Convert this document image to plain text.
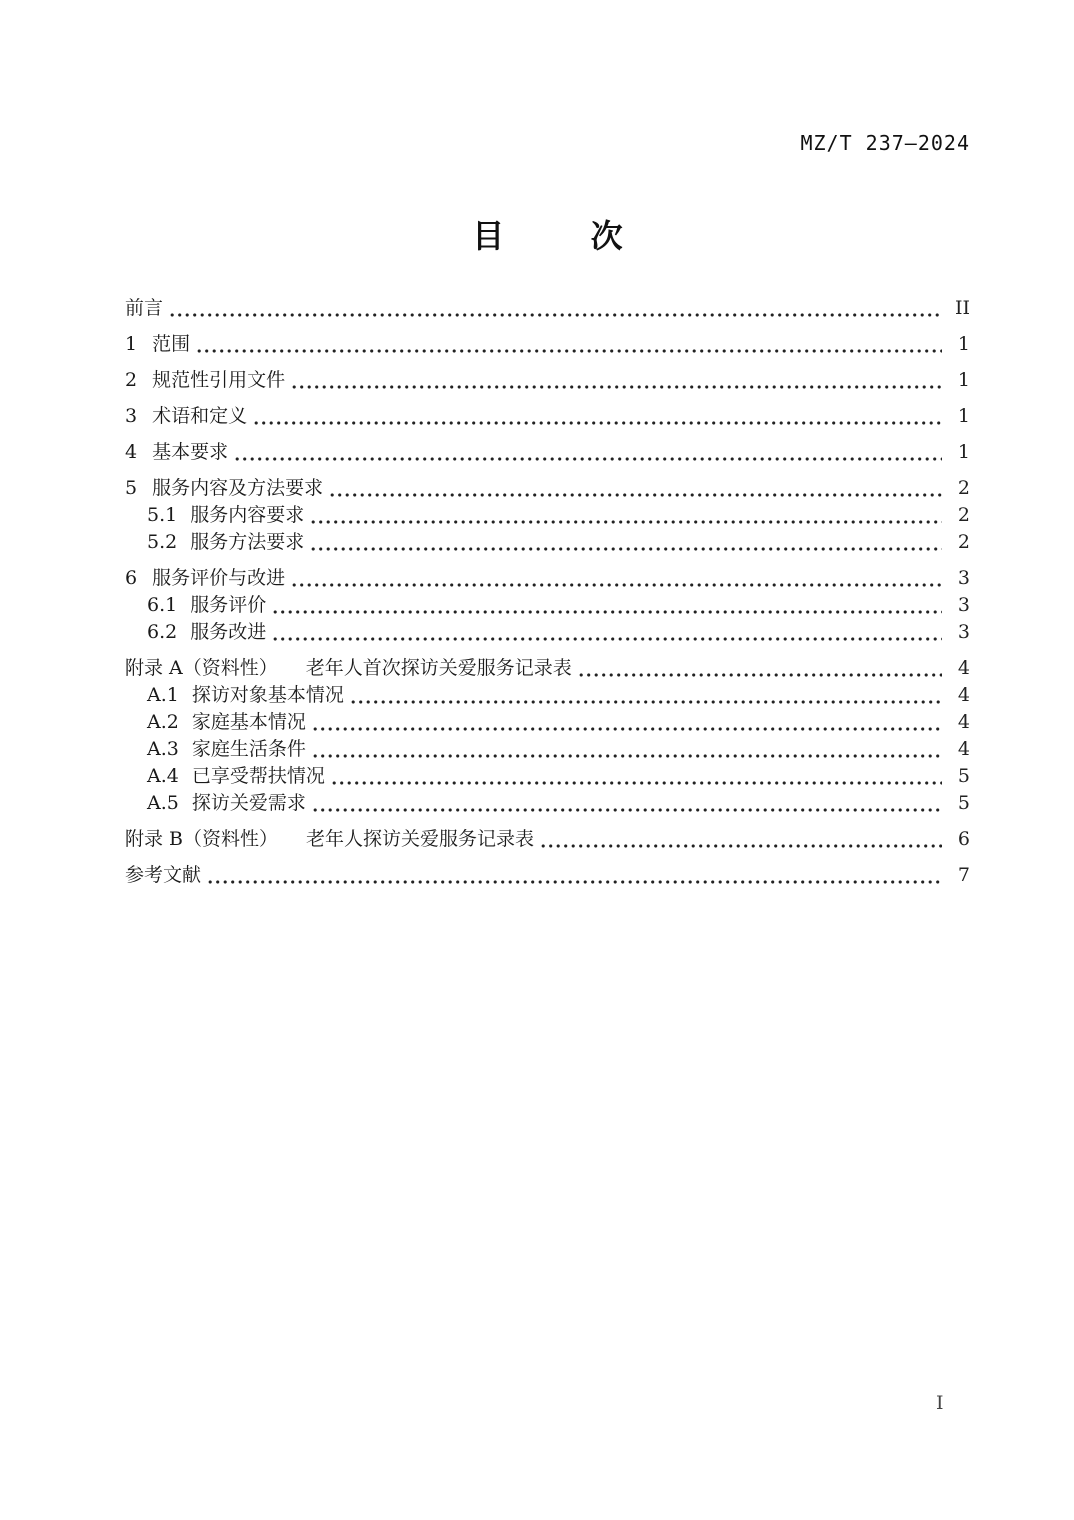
MZ/T 237—2024
目次
前言	II
1 范围	1
2 规范性引用文件	1
3 术语和定义	1
4 基本要求	1
5 服务内容及方法要求	2
5.1 服务内容要求	2
5.2 服务方法要求	2
6 服务评价与改进	3
6.1 服务评价	3
6.2 服务改进	3
附录 A（资料性） 老年人首次探访关爱服务记录表	4
A.1 探访对象基本情况	4
A.2 家庭基本情况	4
A.3 家庭生活条件	4
A.4 已享受帮扶情况	5
A.5 探访关爱需求	5
附录 B（资料性） 老年人探访关爱服务记录表	6
参考文献	7
I
